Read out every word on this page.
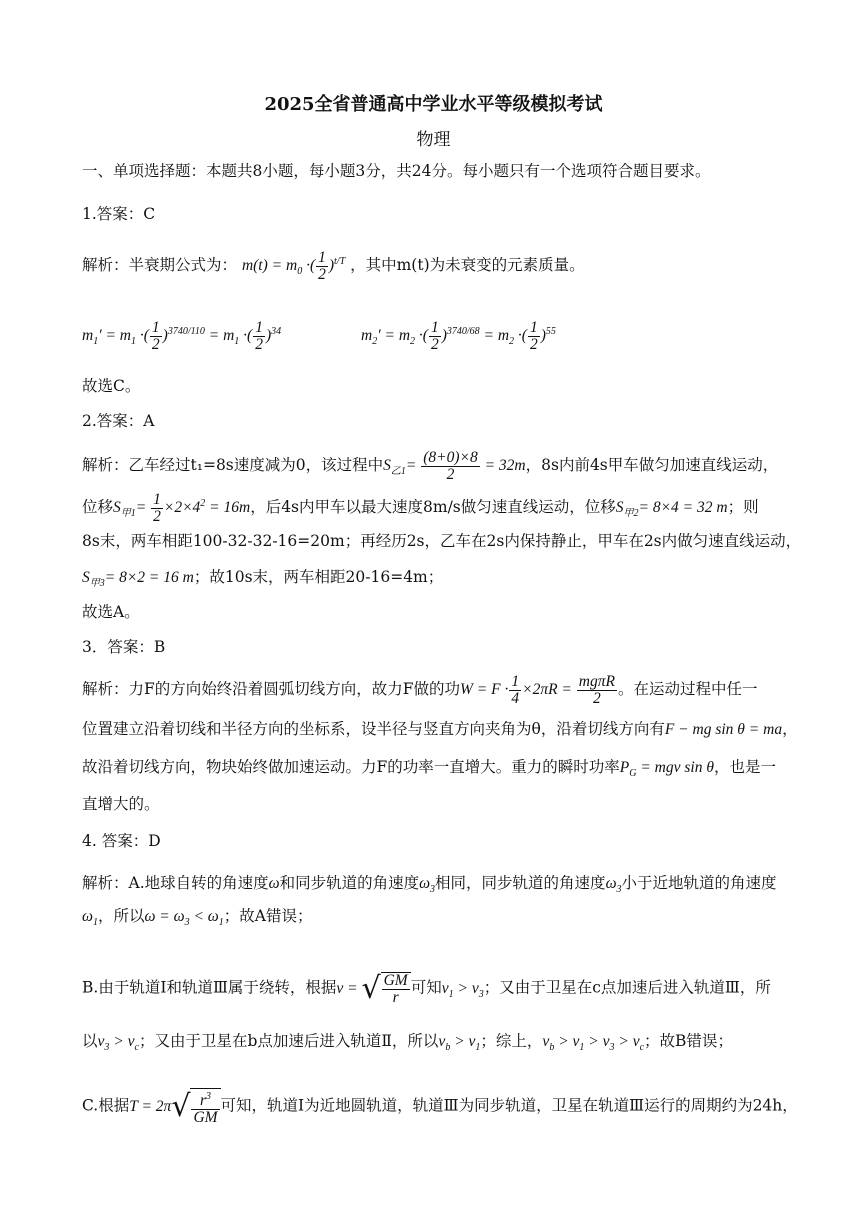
2025全省普通高中学业水平等级模拟考试
物理
一、单项选择题：本题共8小题，每小题3分，共24分。每小题只有一个选项符合题目要求。
1.答案：C
解析：半衰期公式为： $m(t) = m_0$ ·( $\frac{1}{2} )^{t/T}$ ，其中m(t)为未衰变的元素质量。
$m_1' = m_1$ ·( $\frac{1}{2} )^{3740/110} = m_1$ ·( $\frac{1}{2} )^{34}$	$m_2' = m_2$ ·( $\frac{1}{2} )^{3740/68} = m_2$ ·( $\frac{1}{2} )^{55}$
故选C。
2.答案：A
解析：乙车经过t₁=8s速度减为0，该过程中$S_{乙1}= \frac{(8+0)\times 8}{2} = 32m$，8s内前4s甲车做匀加速直线运动，
位移$S_{甲1}= \frac{1}{2} \times 2\times 4^2 = 16m$，后4s内甲车以最大速度8m/s做匀速直线运动，位移$S_{甲2}= 8\times 4 = 32$ m；则
8s末，两车相距100-32-32-16=20m；再经历2s，乙车在2s内保持静止，甲车在2s内做匀速直线运动，
$S_{甲3}= 8\times 2 = 16$ m；故10s末，两车相距20-16=4m；
故选A。
3．答案：B
解析：力F的方向始终沿着圆弧切线方向，故力F做的功$W = F \cdot \frac{1}{4} \times 2\pi R = \frac{\text{mgπR}}{2}$ 。在运动过程中任一
位置建立沿着切线和半径方向的坐标系，设半径与竖直方向夹角为θ，沿着切线方向有F − mg sin θ = ma，
故沿着切线方向，物块始终做加速运动。力F的功率一直增大。重力的瞬时功率$P_G$ = mgv sin θ，也是一
直增大的。
4. 答案：D
解析：A.地球自转的角速度ω和同步轨道的角速度$\omega_3$相同，同步轨道的角速度$\omega_3$小于近地轨道的角速度
$\omega_1$，所以$\omega = \omega_3 < \omega_1$；故A错误；
B.由于轨道Ⅰ和轨道Ⅲ属于绕转，根据v = √ $\frac{GM}{r}$ 可知$v_1 > v_3$；又由于卫星在c点加速后进入轨道Ⅲ，所
以$v_3 > v_c$；又由于卫星在b点加速后进入轨道Ⅱ，所以$v_b > v_1$；综上，$v_b > v_1 > v_3 > v_c$；故B错误；
C.根据$T = 2\pi√ \frac{r^3}{GM}$ 可知，轨道Ⅰ为近地圆轨道，轨道Ⅲ为同步轨道，卫星在轨道Ⅲ运行的周期约为24h，
